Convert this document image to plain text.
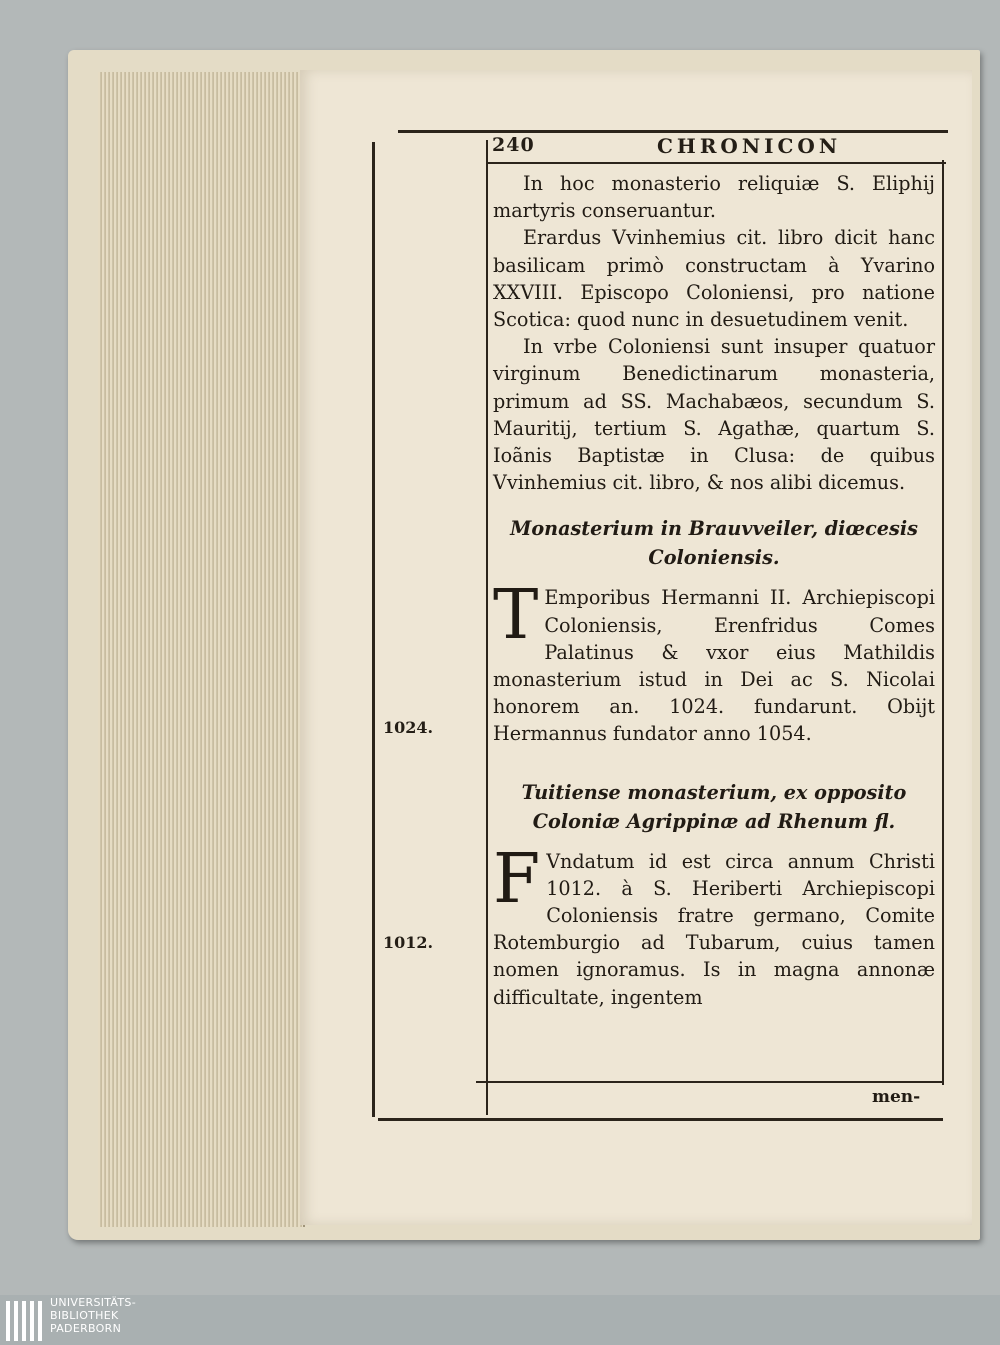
240	CHRONICON

In hoc monasterio reliquiæ S. Eliphij martyris conseruantur.

Erardus Vvinhemius cit. libro dicit hanc basilicam primò constructam à Yvarino XXVIII. Episcopo Coloniensi, pro natione Scotica: quod nunc in desuetudinem venit.

In vrbe Coloniensi sunt insuper quatuor virginum Benedictinarum monasteria, primum ad SS. Machabæos, secundum S. Mauritij, tertium S. Agathæ, quartum S. Ioãnis Baptistæ in Clusa: de quibus Vvinhemius cit. libro, & nos alibi dicemus.

Monasterium in Brauvveiler, diœcesis Coloniensis.

T Emporibus Hermanni II. Archiepiscopi Coloniensis, Erenfridus Comes Palatinus & vxor eius Mathildis monasterium istud in Dei ac S. Nicolai honorem an. 1024. fundarunt. Obijt Hermannus fundator anno 1054.

Tuitiense monasterium, ex opposito Coloniæ Agrippinæ ad Rhenum fl.

F Vndatum id est circa annum Christi 1012. à S. Heriberti Archiepiscopi Coloniensis fratre germano, Comite Rotemburgio ad Tubarum, cuius tamen nomen ignoramus. Is in magna annonæ difficultate, ingentem

men-
1024.
1012.
UNIVERSITÄTS-
BIBLIOTHEK
PADERBORN
